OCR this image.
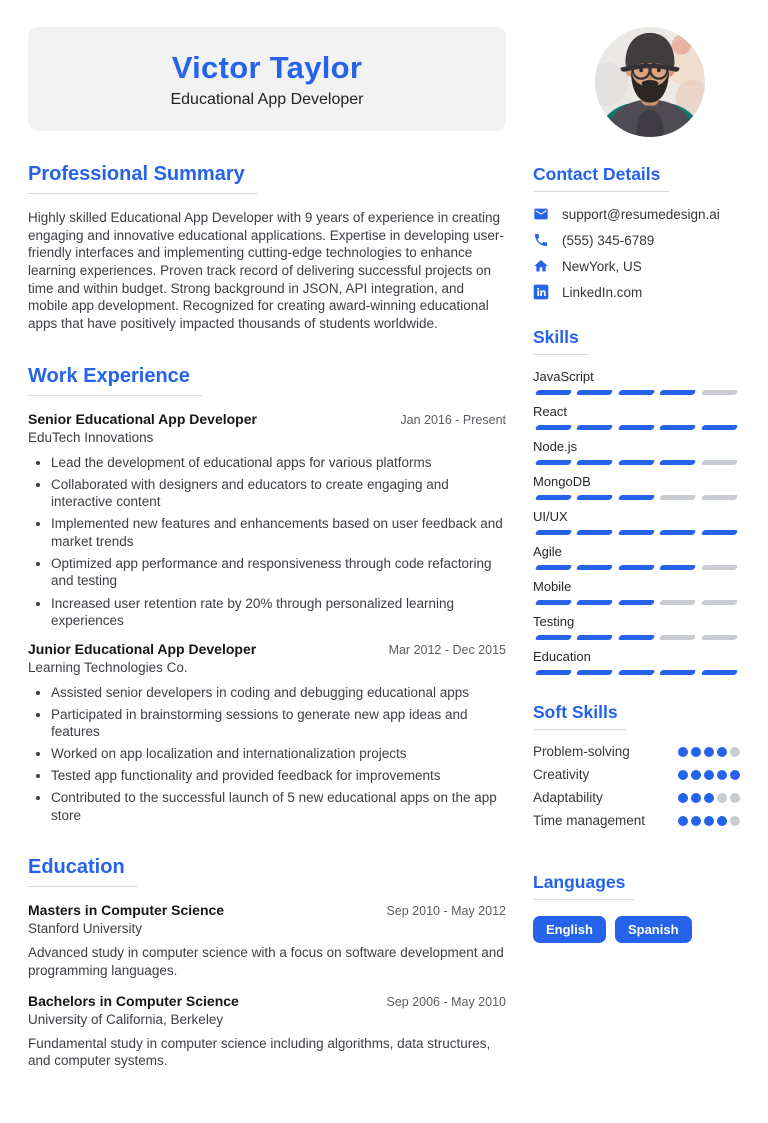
Victor Taylor
Educational App Developer
Professional Summary

Highly skilled Educational App Developer with 9 years of experience in creating engaging and innovative educational applications. Expertise in developing user-friendly interfaces and implementing cutting-edge technologies to enhance learning experiences. Proven track record of delivering successful projects on time and within budget. Strong background in JSON, API integration, and mobile app development. Recognized for creating award-winning educational apps that have positively impacted thousands of students worldwide.

Work Experience
Senior Educational App Developer	Jan 2016 - Present
EduTech Innovations
• Lead the development of educational apps for various platforms
• Collaborated with designers and educators to create engaging and interactive content
• Implemented new features and enhancements based on user feedback and market trends
• Optimized app performance and responsiveness through code refactoring and testing
• Increased user retention rate by 20% through personalized learning experiences
Junior Educational App Developer	Mar 2012 - Dec 2015
Learning Technologies Co.
• Assisted senior developers in coding and debugging educational apps
• Participated in brainstorming sessions to generate new app ideas and features
• Worked on app localization and internationalization projects
• Tested app functionality and provided feedback for improvements
• Contributed to the successful launch of 5 new educational apps on the app store
Education
Masters in Computer Science	Sep 2010 - May 2012
Stanford University
Advanced study in computer science with a focus on software development and programming languages.
Bachelors in Computer Science	Sep 2006 - May 2010
University of California, Berkeley
Fundamental study in computer science including algorithms, data structures, and computer systems.
Contact Details
support@resumedesign.ai
(555) 345-6789
NewYork, US
LinkedIn.com
Skills
JavaScript
React
Node.js
MongoDB
UI/UX
Agile
Mobile
Testing
Education
Soft Skills
Problem-solving
Creativity
Adaptability
Time management
Languages
English	Spanish
